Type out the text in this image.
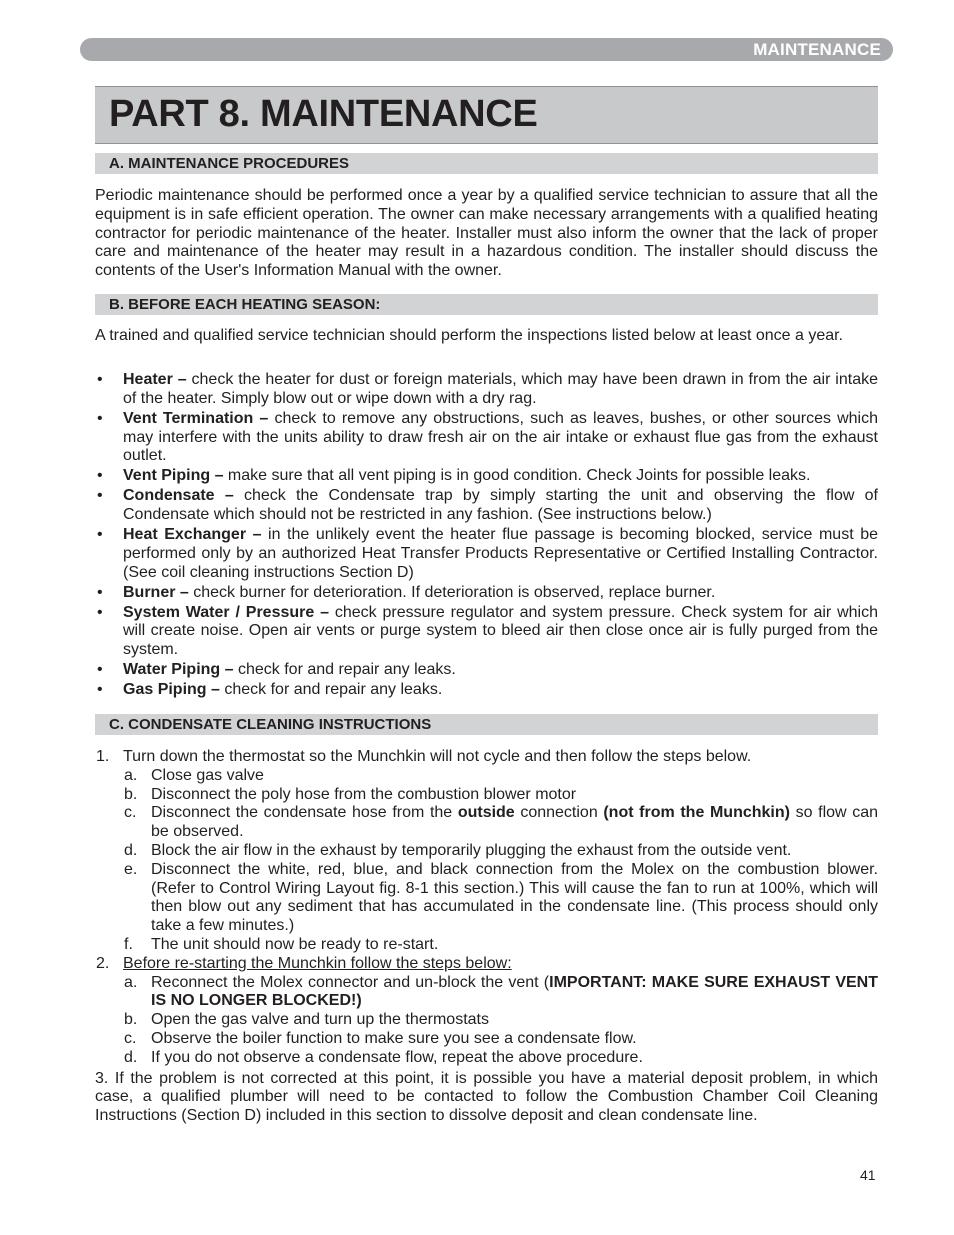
MAINTENANCE
PART 8. MAINTENANCE
A. MAINTENANCE PROCEDURES

Periodic maintenance should be performed once a year by a qualified service technician to assure that all the equipment is in safe efficient operation. The owner can make necessary arrangements with a qualified heating contractor for periodic maintenance of the heater. Installer must also inform the owner that the lack of proper care and maintenance of the heater may result in a hazardous condition. The installer should discuss the contents of the User's Information Manual with the owner.

B. BEFORE EACH HEATING SEASON:

A trained and qualified service technician should perform the inspections listed below at least once a year.

• Heater – check the heater for dust or foreign materials, which may have been drawn in from the air intake of the heater. Simply blow out or wipe down with a dry rag.
• Vent Termination – check to remove any obstructions, such as leaves, bushes, or other sources which may interfere with the units ability to draw fresh air on the air intake or exhaust flue gas from the exhaust outlet.
• Vent Piping – make sure that all vent piping is in good condition. Check Joints for possible leaks.
• Condensate – check the Condensate trap by simply starting the unit and observing the flow of Condensate which should not be restricted in any fashion. (See instructions below.)
• Heat Exchanger – in the unlikely event the heater flue passage is becoming blocked, service must be performed only by an authorized Heat Transfer Products Representative or Certified Installing Contractor. (See coil cleaning instructions Section D)
• Burner – check burner for deterioration. If deterioration is observed, replace burner.
• System Water / Pressure – check pressure regulator and system pressure. Check system for air which will create noise. Open air vents or purge system to bleed air then close once air is fully purged from the system.
• Water Piping – check for and repair any leaks.
• Gas Piping – check for and repair any leaks.
C. CONDENSATE CLEANING INSTRUCTIONS
1. Turn down the thermostat so the Munchkin will not cycle and then follow the steps below.
a. Close gas valve
b. Disconnect the poly hose from the combustion blower motor
c. Disconnect the condensate hose from the outside connection (not from the Munchkin) so flow can be observed.
d. Block the air flow in the exhaust by temporarily plugging the exhaust from the outside vent.
e. Disconnect the white, red, blue, and black connection from the Molex on the combustion blower. (Refer to Control Wiring Layout fig. 8-1 this section.) This will cause the fan to run at 100%, which will then blow out any sediment that has accumulated in the condensate line. (This process should only take a few minutes.)
f. The unit should now be ready to re-start.
2. Before re-starting the Munchkin follow the steps below:
a. Reconnect the Molex connector and un-block the vent (IMPORTANT: MAKE SURE EXHAUST VENT IS NO LONGER BLOCKED!)
b. Open the gas valve and turn up the thermostats
c. Observe the boiler function to make sure you see a condensate flow.
d. If you do not observe a condensate flow, repeat the above procedure.
3. If the problem is not corrected at this point, it is possible you have a material deposit problem, in which case, a qualified plumber will need to be contacted to follow the Combustion Chamber Coil Cleaning Instructions (Section D) included in this section to dissolve deposit and clean condensate line.
41
